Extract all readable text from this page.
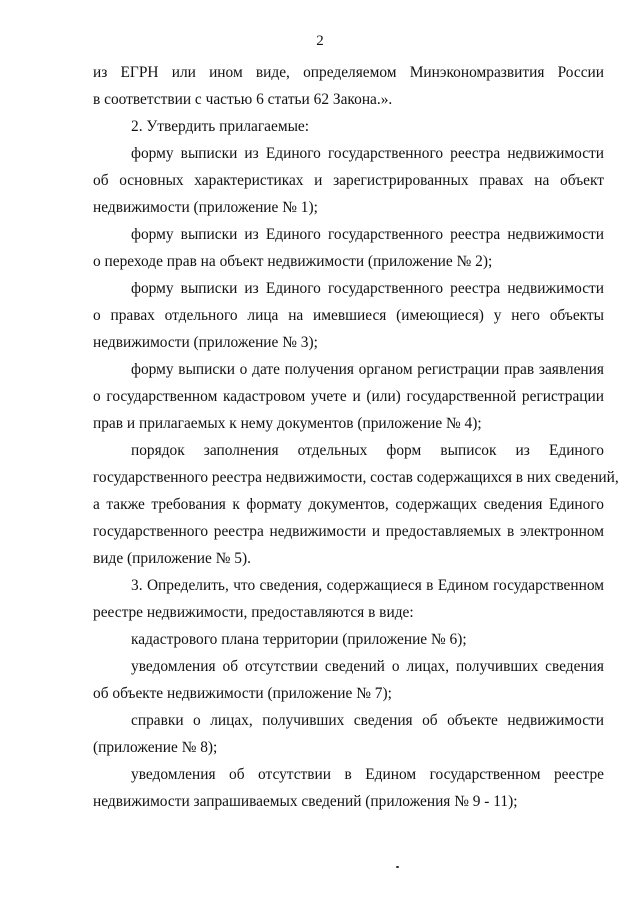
2
из ЕГРН или ином виде, определяемом Минэкономразвития России
в соответствии с частью 6 статьи 62 Закона.».
2. Утвердить прилагаемые:
форму выписки из Единого государственного реестра недвижимости
об основных характеристиках и зарегистрированных правах на объект
недвижимости (приложение № 1);
форму выписки из Единого государственного реестра недвижимости
о переходе прав на объект недвижимости (приложение № 2);
форму выписки из Единого государственного реестра недвижимости
о правах отдельного лица на имевшиеся (имеющиеся) у него объекты
недвижимости (приложение № 3);
форму выписки о дате получения органом регистрации прав заявления
о государственном кадастровом учете и (или) государственной регистрации
прав и прилагаемых к нему документов (приложение № 4);
порядок заполнения отдельных форм выписок из Единого
государственного реестра недвижимости, состав содержащихся в них сведений,
а также требования к формату документов, содержащих сведения Единого
государственного реестра недвижимости и предоставляемых в электронном
виде (приложение № 5).
3. Определить, что сведения, содержащиеся в Едином государственном
реестре недвижимости, предоставляются в виде:
кадастрового плана территории (приложение № 6);
уведомления об отсутствии сведений о лицах, получивших сведения
об объекте недвижимости (приложение № 7);
справки о лицах, получивших сведения об объекте недвижимости
(приложение № 8);
уведомления об отсутствии в Едином государственном реестре
недвижимости запрашиваемых сведений (приложения № 9 - 11);
